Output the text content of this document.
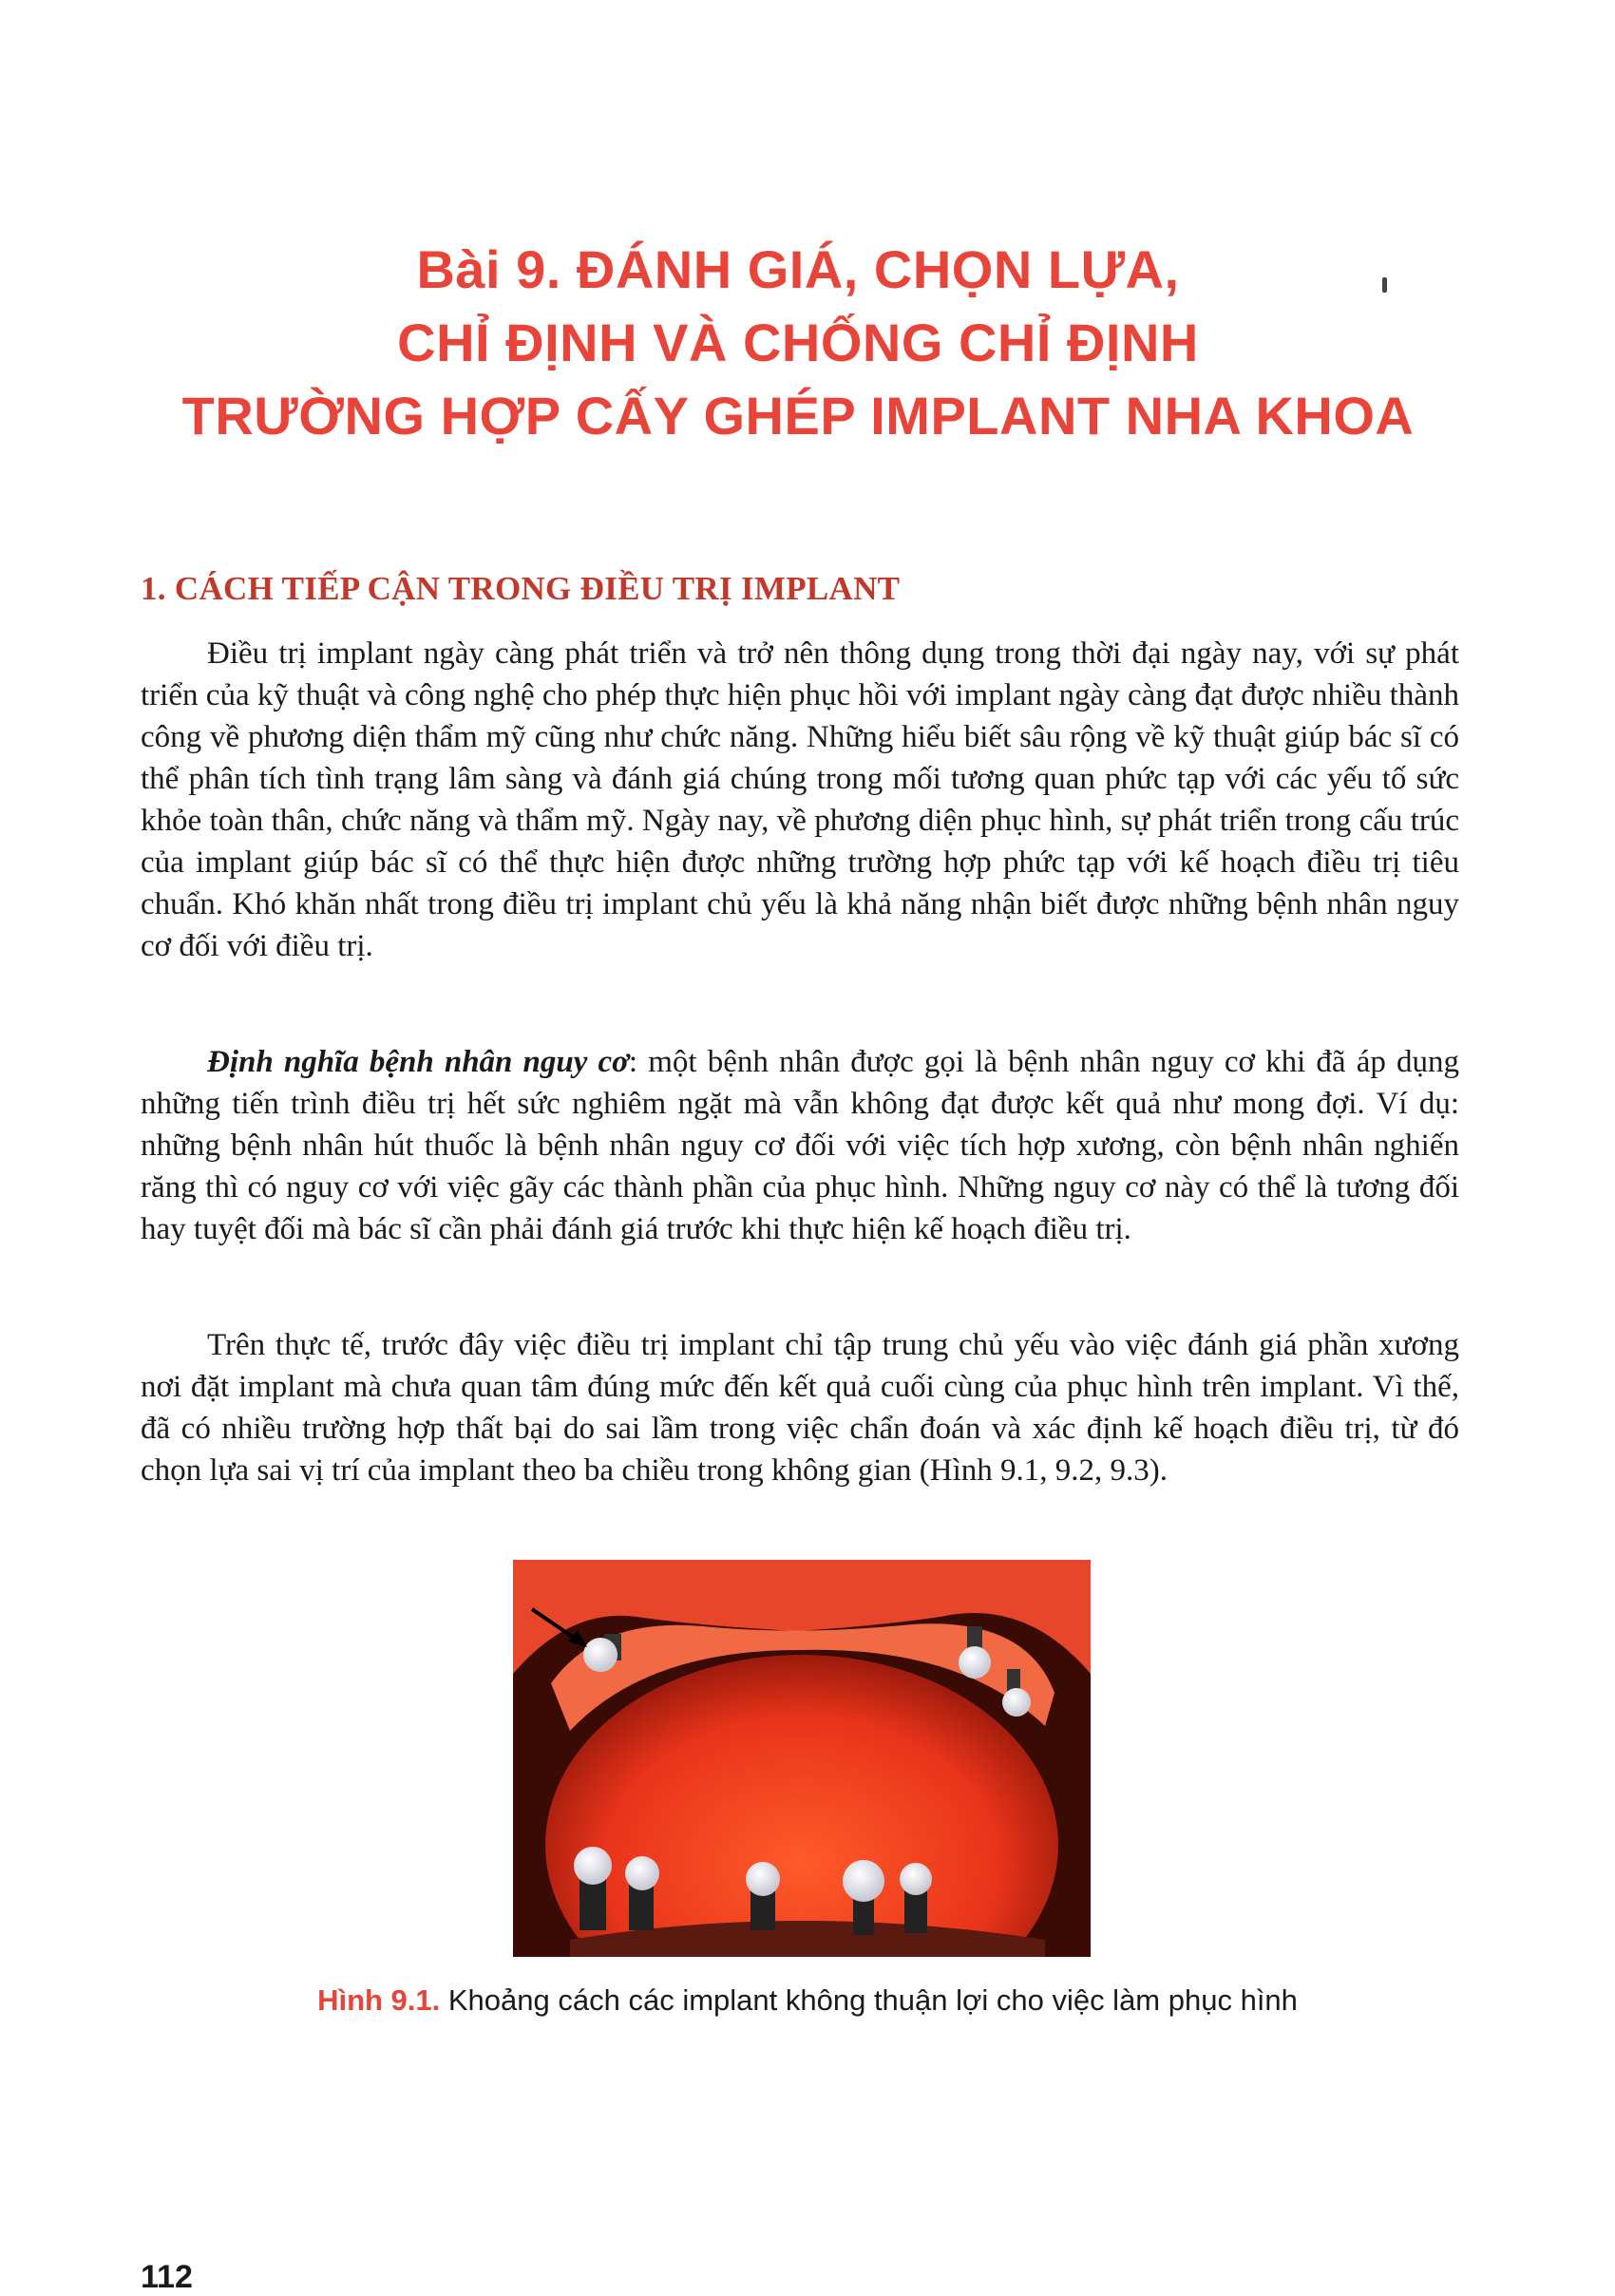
Bài 9. ĐÁNH GIÁ, CHỌN LỰA,
CHỈ ĐỊNH VÀ CHỐNG CHỈ ĐỊNH
TRƯỜNG HỢP CẤY GHÉP IMPLANT NHA KHOA
1. CÁCH TIẾP CẬN TRONG ĐIỀU TRỊ IMPLANT

Điều trị implant ngày càng phát triển và trở nên thông dụng trong thời đại ngày nay, với sự phát triển của kỹ thuật và công nghệ cho phép thực hiện phục hồi với implant ngày càng đạt được nhiều thành công về phương diện thẩm mỹ cũng như chức năng. Những hiểu biết sâu rộng về kỹ thuật giúp bác sĩ có thể phân tích tình trạng lâm sàng và đánh giá chúng trong mối tương quan phức tạp với các yếu tố sức khỏe toàn thân, chức năng và thẩm mỹ. Ngày nay, về phương diện phục hình, sự phát triển trong cấu trúc của implant giúp bác sĩ có thể thực hiện được những trường hợp phức tạp với kế hoạch điều trị tiêu chuẩn. Khó khăn nhất trong điều trị implant chủ yếu là khả năng nhận biết được những bệnh nhân nguy cơ đối với điều trị.

Định nghĩa bệnh nhân nguy cơ: một bệnh nhân được gọi là bệnh nhân nguy cơ khi đã áp dụng những tiến trình điều trị hết sức nghiêm ngặt mà vẫn không đạt được kết quả như mong đợi. Ví dụ: những bệnh nhân hút thuốc là bệnh nhân nguy cơ đối với việc tích hợp xương, còn bệnh nhân nghiến răng thì có nguy cơ với việc gãy các thành phần của phục hình. Những nguy cơ này có thể là tương đối hay tuyệt đối mà bác sĩ cần phải đánh giá trước khi thực hiện kế hoạch điều trị.

Trên thực tế, trước đây việc điều trị implant chỉ tập trung chủ yếu vào việc đánh giá phần xương nơi đặt implant mà chưa quan tâm đúng mức đến kết quả cuối cùng của phục hình trên implant. Vì thế, đã có nhiều trường hợp thất bại do sai lầm trong việc chẩn đoán và xác định kế hoạch điều trị, từ đó chọn lựa sai vị trí của implant theo ba chiều trong không gian (Hình 9.1, 9.2, 9.3).

Hình 9.1. Khoảng cách các implant không thuận lợi cho việc làm phục hình

112
